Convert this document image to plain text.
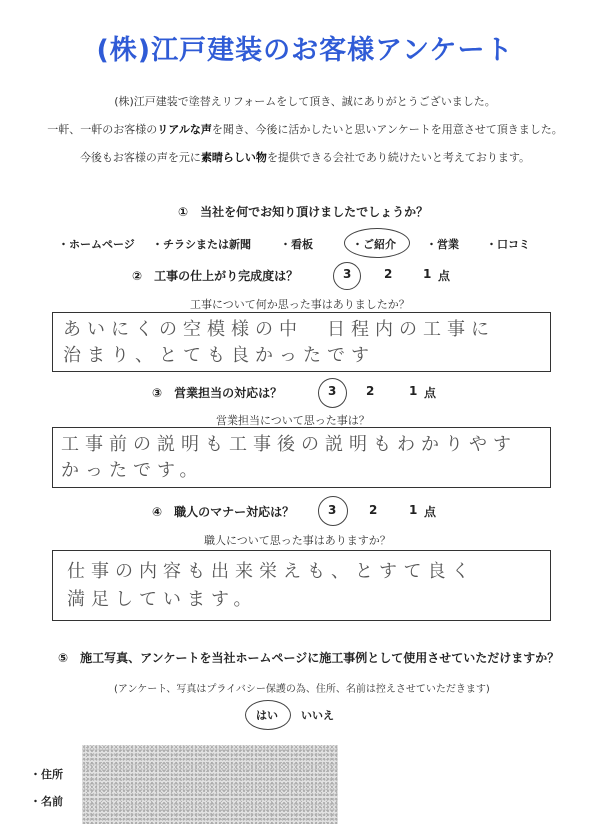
(株)江戸建装のお客様アンケート
(株)江戸建装で塗替えリフォームをして頂き、誠にありがとうございました。
一軒、一軒のお客様のリアルな声を聞き、今後に活かしたいと思いアンケートを用意させて頂きました。
今後もお客様の声を元に素晴らしい物を提供できる会社であり続けたいと考えております。
①　当社を何でお知り頂けましたでしょうか？
・ホームページ ・チラシまたは新聞	・看板	・ご紹介	・営業 ・口コミ
②　工事の仕上がり完成度は？	3	2	1 点
工事について何か思った事はありましたか？
あいにくの空模様の中　日程内の工事に
治まり、とても良かったです
③　営業担当の対応は？	3 2	1 点
営業担当について思った事は？
工事前の説明も工事後の説明もわかりやす
かったです。
④　職人のマナー対応は？	3	2	1 点
職人について思った事はありますか？
仕事の内容も出来栄えも、とすて良く
満足しています。
⑤　施工写真、アンケートを当社ホームページに施工事例として使用させていただけますか？
(アンケート、写真はプライバシー保護の為、住所、名前は控えさせていただきます)
はい いいえ
・住所
・名前
